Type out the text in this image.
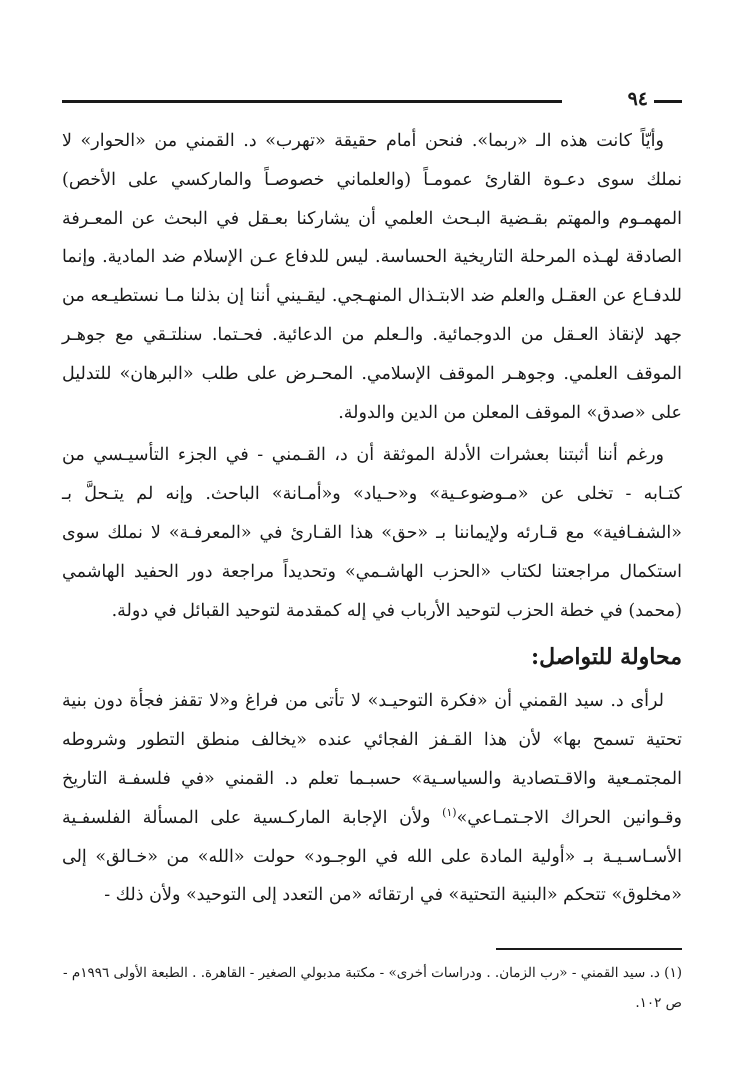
٩٤

وأيّاً كانت هذه الـ «ربما». فنحن أمام حقيقة «تهرب» د. القمني من «الحوار» لا نملك سوى دعـوة القارئ عمومـاً (والعلماني خصوصـاً والماركسي على الأخص) المهمـوم والمهتم بقـضية البـحث العلمي أن يشاركنا بعـقل في البحث عن المعـرفة الصادقة لهـذه المرحلة التاريخية الحساسة. ليس للدفاع عـن الإسلام ضد المادية. وإنما للدفـاع عن العقـل والعلم ضد الابتـذال المنهـجي. ليقـيني أننا إن بذلنا مـا نستطيـعه من جهد لإنقاذ العـقل من الدوجمائية. والـعلم من الدعائية. فحـتما. سنلتـقي مع جوهـر الموقف العلمي. وجوهـر الموقف الإسلامي. المحـرض على طلب «البرهان» للتدليل على «صدق» الموقف المعلن من الدين والدولة.

ورغم أننا أثبتنا بعشرات الأدلة الموثقة أن د، القـمني - في الجزء التأسيـسي من كتـابه - تخلى عن «مـوضوعـية» و«حـياد» و«أمـانة» الباحث. وإنه لم يتـحلَّ بـ «الشفـافية» مع قـارئه ولإيماننا بـ «حق» هذا القـارئ في «المعرفـة» لا نملك سوى استكمال مراجعتنا لكتاب «الحزب الهاشـمي» وتحديداً مراجعة دور الحفيد الهاشمي (محمد) في خطة الحزب لتوحيد الأرباب في إله كمقدمة لتوحيد القبائل في دولة.

محاولة للتواصل:

لرأى د. سيد القمني أن «فكرة التوحيـد» لا تأتى من فراغ و«لا تقفز فجأة دون بنية تحتية تسمح بها» لأن هذا القـفز الفجائي عنده «يخالف منطق التطور وشروطه المجتمـعية والاقـتصادية والسياسـية» حسبـما تعلم د. القمني «في فلسفـة التاريخ وقـوانين الحراك الاجـتمـاعي»$^{(١)}$ ولأن الإجابة الماركـسية على المسألة الفلسفـية الأسـاسـيـة بـ «أولية المادة على الله في الوجـود» حولت «الله» من «خـالق» إلى «مخلوق» تتحكم «البنية التحتية» في ارتقائه «من التعدد إلى التوحيد» ولأن ذلك -

(١) د. سيد القمني - «رب الزمان. . ودراسات أخرى» - مكتبة مدبولي الصغير - القاهرة. . الطبعة الأولى ١٩٩٦م - ص ١٠٢.
